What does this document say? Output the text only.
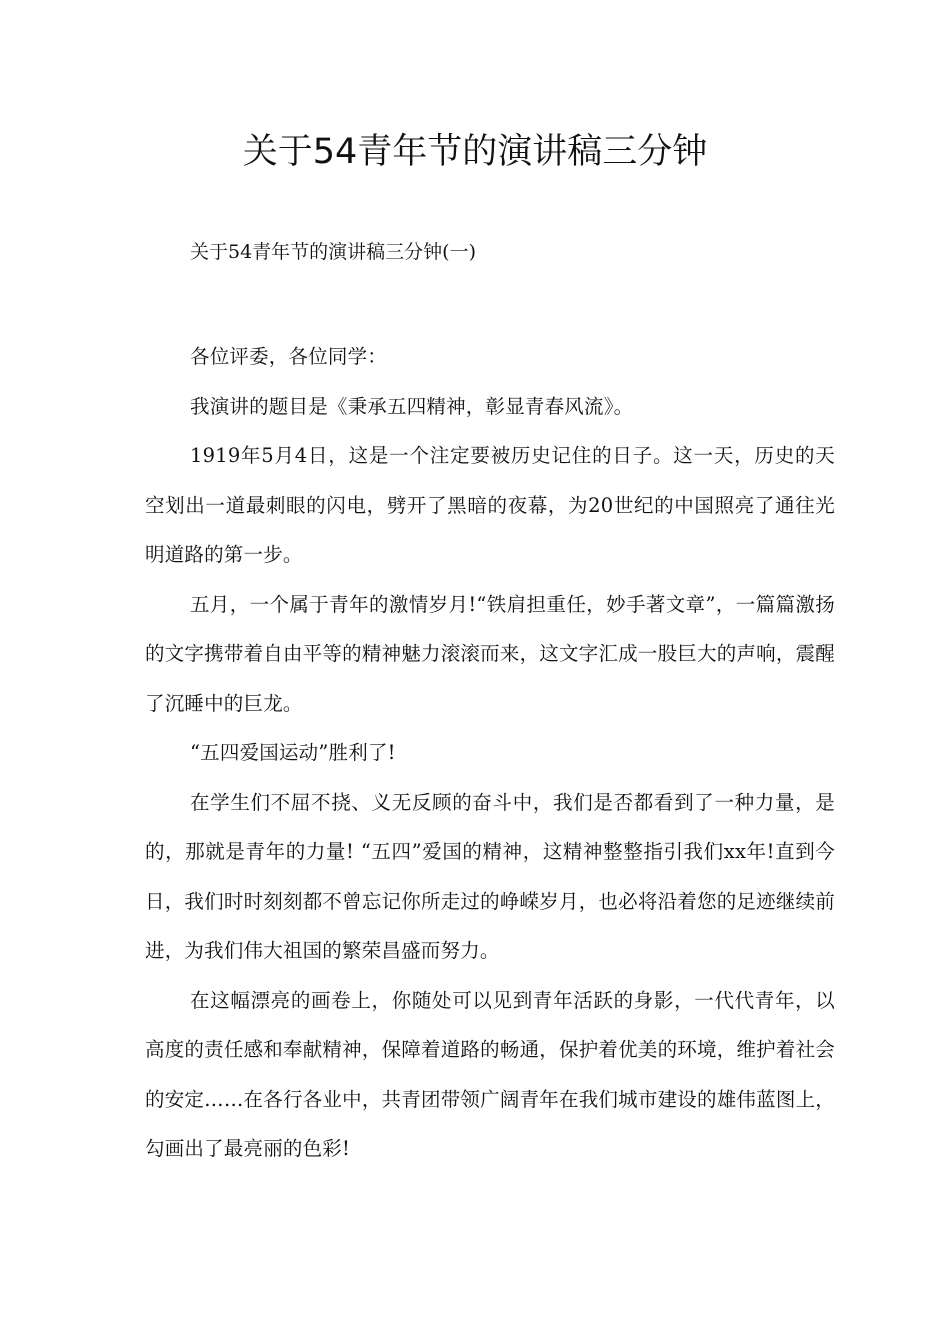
关于54青年节的演讲稿三分钟

关于54青年节的演讲稿三分钟(一)

各位评委，各位同学：

我演讲的题目是《秉承五四精神，彰显青春风流》。

1919年5月4日，这是一个注定要被历史记住的日子。这一天，历史的天空划出一道最刺眼的闪电，劈开了黑暗的夜幕，为20世纪的中国照亮了通往光明道路的第一步。

五月，一个属于青年的激情岁月!“铁肩担重任，妙手著文章”，一篇篇激扬的文字携带着自由平等的精神魅力滚滚而来，这文字汇成一股巨大的声响，震醒了沉睡中的巨龙。

“五四爱国运动”胜利了!

在学生们不屈不挠、义无反顾的奋斗中，我们是否都看到了一种力量，是的，那就是青年的力量! “五四”爱国的精神，这精神整整指引我们xx年!直到今日，我们时时刻刻都不曾忘记你所走过的峥嵘岁月，也必将沿着您的足迹继续前进，为我们伟大祖国的繁荣昌盛而努力。

在这幅漂亮的画卷上，你随处可以见到青年活跃的身影，一代代青年，以高度的责任感和奉献精神，保障着道路的畅通，保护着优美的环境，维护着社会的安定……在各行各业中，共青团带领广阔青年在我们城市建设的雄伟蓝图上，勾画出了最亮丽的色彩!
